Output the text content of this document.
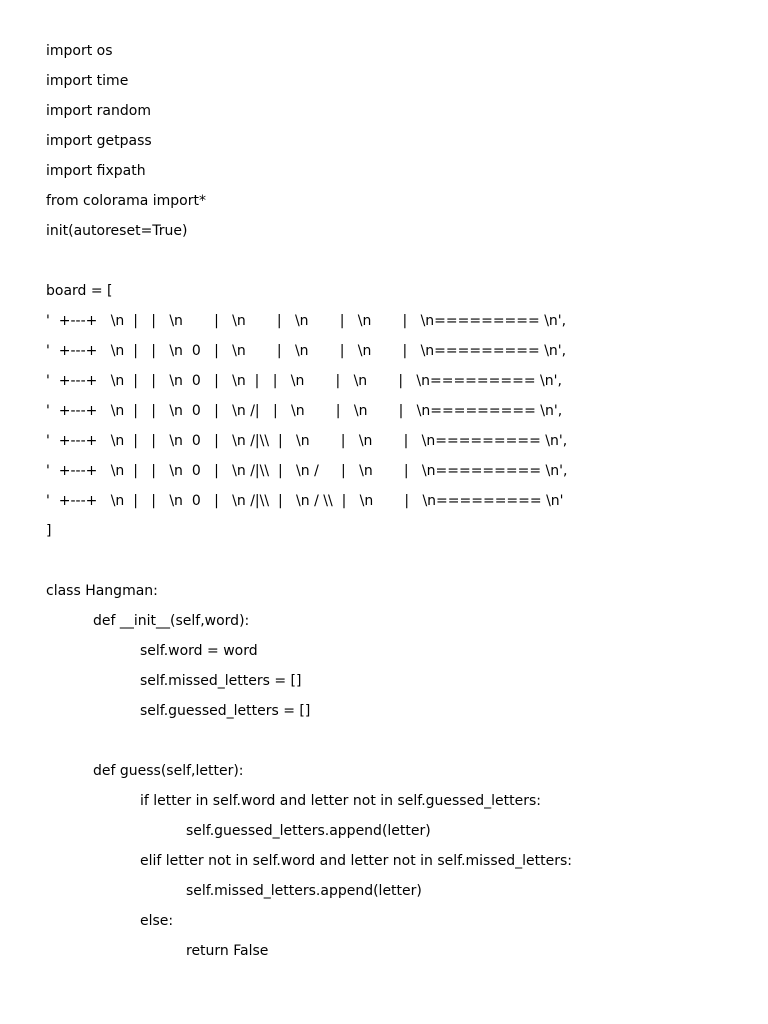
import os
import time
import random
import getpass
import fixpath
from colorama import*
init(autoreset=True)
board = [
'  +---+   \n  |   |   \n       |   \n       |   \n       |   \n       |   \n========= \n',
'  +---+   \n  |   |   \n  0   |   \n       |   \n       |   \n       |   \n========= \n',
'  +---+   \n  |   |   \n  0   |   \n  |   |   \n       |   \n       |   \n========= \n',
'  +---+   \n  |   |   \n  0   |   \n /|   |   \n       |   \n       |   \n========= \n',
'  +---+   \n  |   |   \n  0   |   \n /|\\  |   \n       |   \n       |   \n========= \n',
'  +---+   \n  |   |   \n  0   |   \n /|\\  |   \n /     |   \n       |   \n========= \n',
'  +---+   \n  |   |   \n  0   |   \n /|\\  |   \n / \\  |   \n       |   \n========= \n'
]
class Hangman:
def __init__(self,word):
self.word = word
self.missed_letters = []
self.guessed_letters = []
def guess(self,letter):
if letter in self.word and letter not in self.guessed_letters:
self.guessed_letters.append(letter)
elif letter not in self.word and letter not in self.missed_letters:
self.missed_letters.append(letter)
else:
return False
